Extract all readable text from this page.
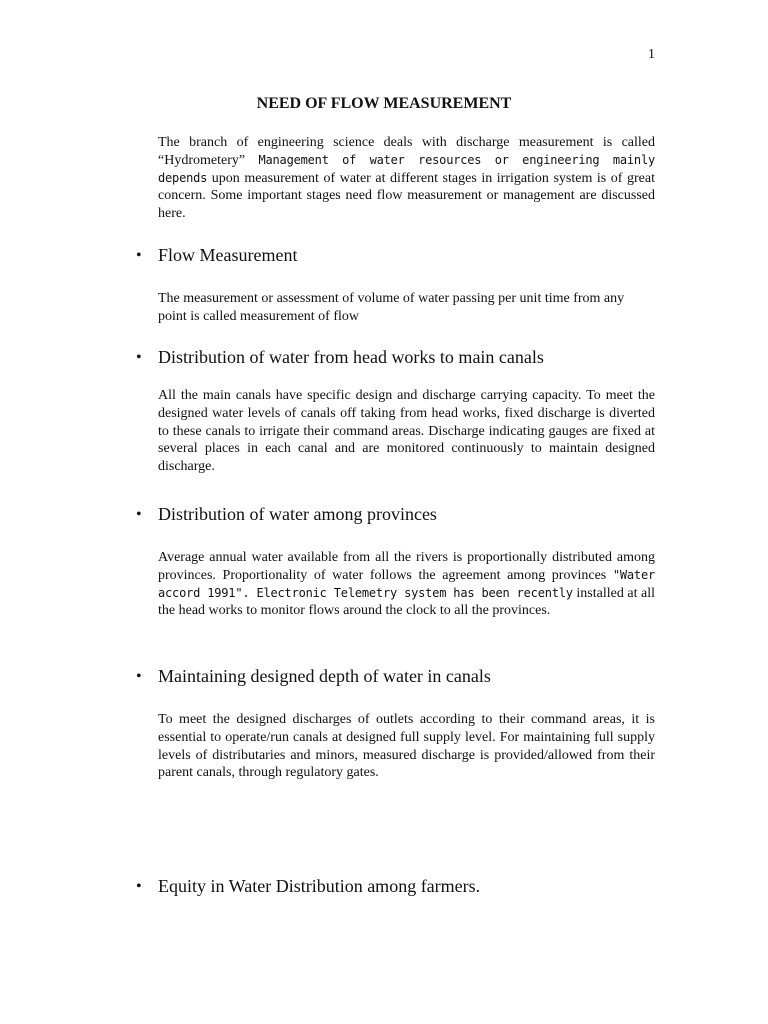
1
NEED OF FLOW MEASUREMENT

The branch of engineering science deals with discharge measurement is called “Hydrometery” Management of water resources or engineering mainly depends upon measurement of water at different stages in irrigation system is of great concern. Some important stages need flow measurement or management are discussed here.

• Flow Measurement

The measurement or assessment of volume of water passing per unit time from any point is called measurement of flow

• Distribution of water from head works to main canals

All the main canals have specific design and discharge carrying capacity. To meet the designed water levels of canals off taking from head works, fixed discharge is diverted to these canals to irrigate their command areas. Discharge indicating gauges are fixed at several places in each canal and are monitored continuously to maintain designed discharge.

• Distribution of water among provinces

Average annual water available from all the rivers is proportionally distributed among provinces. Proportionality of water follows the agreement among provinces "Water accord 1991". Electronic Telemetry system has been recently installed at all the head works to monitor flows around the clock to all the provinces.

• Maintaining designed depth of water in canals

To meet the designed discharges of outlets according to their command areas, it is essential to operate/run canals at designed full supply level. For maintaining full supply levels of distributaries and minors, measured discharge is provided/allowed from their parent canals, through regulatory gates.

• Equity in Water Distribution among farmers.
